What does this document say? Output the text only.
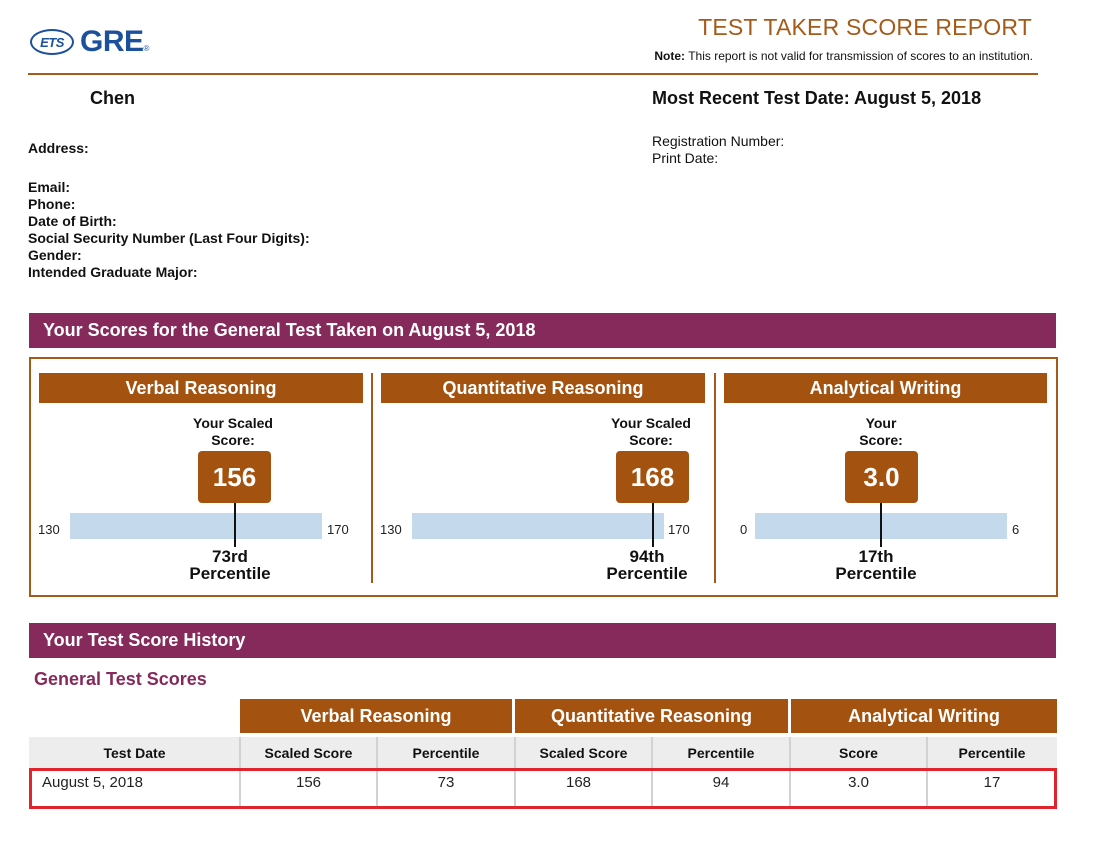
ETS GRE ®
TEST TAKER SCORE REPORT
Note: This report is not valid for transmission of scores to an institution.
Chen	Most Recent Test Date: August 5, 2018
Registration Number:
Print Date:
Address:
Email:
Phone:
Date of Birth:
Social Security Number (Last Four Digits):
Gender:
Intended Graduate Major:
Your Scores for the General Test Taken on August 5, 2018
Verbal Reasoning
Your Scaled
Score:
156
130	170
73rd
Percentile
Quantitative Reasoning
Your Scaled
Score:
168
130	170
94th
Percentile
Analytical Writing
Your
Score:
3.0
0	6
17th
Percentile
Your Test Score History
General Test Scores
Verbal Reasoning	Quantitative Reasoning	Analytical Writing
Test Date	Scaled Score	Percentile	Scaled Score	Percentile	Score	Percentile
August 5, 2018	156	73	168	94	3.0	17
